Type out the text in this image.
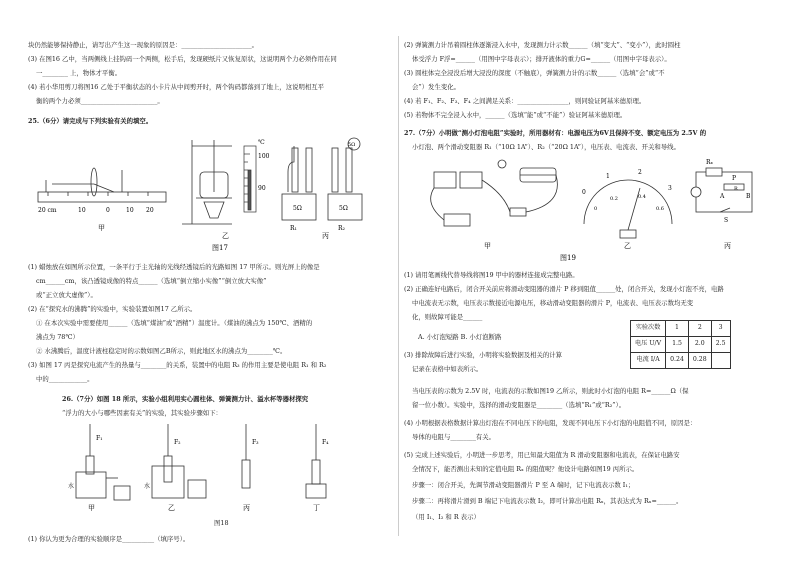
块仍然能够保持静止，请写出产生这一现象的原因是：______________________。
(3) 在图16 乙中，当两侧线上挂钩码一个两侧，松手后，发现硬纸片又恢复原状，这说明两个力必须作用在同
一________ 上，物体才平衡。
(4) 若小华用剪刀将图16 乙处于平衡状态的小卡片从中间剪开时，两个钩码都落到了地上，这说明相互平
衡的两个力必须________________________。
25.（6分）请完成与下列实验有关的填空。
20 cm	10	0	10 20
甲
℃
100
90
乙
5Ω	5Ω
5Ω
R₁	R₂
丙
图17
(1) 蜡烛放在如图所示位置，一条平行于主光轴的光线经透镜后的光路如图 17 甲所示。则光屏上的像是
cm______cm，该凸透镜成像的特点______（选填“倒立缩小实像”“倒立放大实像”
或“正立放大虚像”）。
(2) 在“探究水的沸腾”的实验中，实验装置如图17 乙所示。
① 在本次实验中需要使用______（选填“煤油”或“酒精”）温度计。（煤油的沸点为 150℃、酒精的
沸点为 78℃）
② 水沸腾后，温度计液柱稳定时的示数如图乙B所示，则此地区水的沸点为________℃。
(3) 如图 17 丙是探究电流产生的热量与________的关系，装置中的电阻 R₃ 的作用主要是使电阻 R₁ 和 R₂
中的____________。
26.（7分）如图 18 所示，实验小组利用实心圆柱体、弹簧测力计、溢水杯等器材探究
“浮力的大小与哪些因素有关”的实验，其实验步骤如下：
F₁
F₂	F₃	F₄
水	水
甲	乙	丙	丁
图18
(1) 你认为更为合理的实验顺序是__________（填序号）。
(2) 弹簧测力计吊着圆柱体逐渐浸入水中，发现测力计示数______（填“变大”、“变小”），此时圆柱
体受浮力 F浮=______（用图中字母表示）；排开液体的重力G=______（用图中字母表示）。
(3) 圆柱体完全浸没后增大浸没的深度（不触底），弹簧测力计的示数______（选填“会”或“不
会”）发生变化。
(4) 若 F₁、F₂、F₃、F₄ 之间满足关系：________________，则同验证阿基米德原理。
(5) 若物体不完全浸入水中，______（选填“能”或“不能”）验证阿基米德原理。
27.（7分）小明做“测小灯泡电阻”实验时，所用器材有：电源电压为6V且保持不变、额定电压为 2.5V 的
小灯泡、两个滑动变阻器 R₁（“10Ω 1A”）、R₂（“20Ω 1A”），电压表、电流表、开关和导线。
甲
0
1
2
3
0
0.2	0.4
0.6
乙
Rₓ
P
A	B
S
R
丙
图19
(1) 请用笔画线代替导线将图19 甲中的器材连接成完整电路。
(2) 正确连好电路后，闭合开关前应将滑动变阻器的滑片 P 移到阻值______处，闭合开关，发现小灯泡不亮，电路
中电流表无示数，电压表示数接近电源电压，移动滑动变阻器的滑片 P，电流表、电压表示数均无变
化，则故障可能是______
A. 小灯泡短路 B. 小灯泡断路
(3) 排除故障后进行实验，小明将实验数据及相关的计算
记录在表格中如表所示。
实验次数	1	2	3
电压 U/V	1.5	2.0	2.5
电流 I/A	0.24	0.28	
当电压表的示数为 2.5V 时，电流表的示数如图19 乙所示，则此时小灯泡的电阻 R=______Ω（保
留一位小数）。实验中，选择的滑动变阻器是________（选填“R₁”或“R₂”）。
(4) 小明根据表格数据计算出灯泡在不同电压下的电阻，发现不同电压下小灯泡的电阻值不同，原因是：
导体的电阻与________有关。
(5) 完成上述实验后，小明进一步思考，用已知最大阻值为 R 滑动变阻器和电流表，在保证电路安
全情况下，能否测出未知的定值电阻 Rₓ 的阻值呢？他设计电路如图19 丙所示。
步骤一：闭合开关，先调节滑动变阻器滑片 P 至 A 端时，记下电流表示数 I₁；
步骤二：再将滑片滑到 B 端记下电流表示数 I₂，即可计算出电阻 Rₓ，其表达式为 Rₓ=______。
（用 I₁、I₂ 和 R 表示）
